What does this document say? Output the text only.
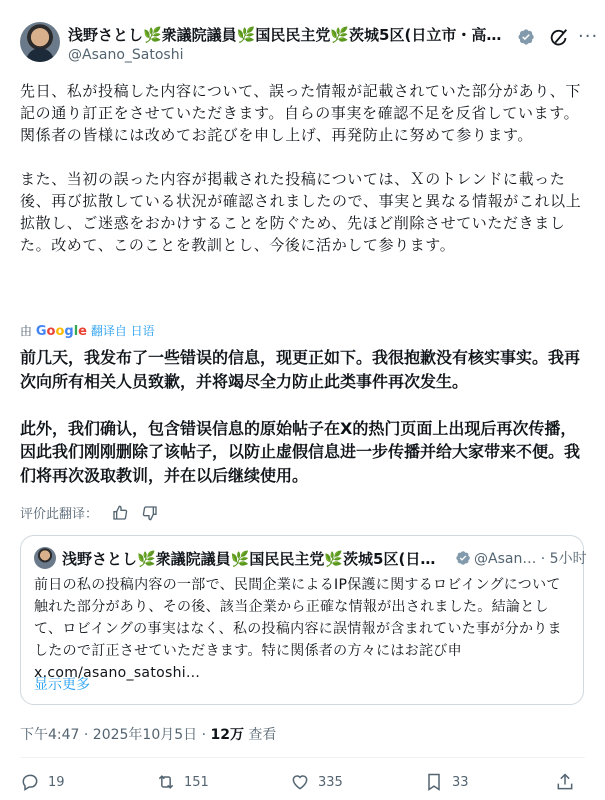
浅野さとし🌿衆議院議員🌿国民民主党🌿茨城5区(日立市・高…
@Asano_Satoshi
···
先日、私が投稿した内容について、誤った情報が記載されていた部分があり、下記の通り訂正をさせていただきます。自らの事実を確認不足を反省しています。関係者の皆様には改めてお詫びを申し上げ、再発防止に努めて参ります。

また、当初の誤った内容が掲載された投稿については、Ｘのトレンドに載った後、再び拡散している状況が確認されましたので、事実と異なる情報がこれ以上拡散し、ご迷惑をおかけすることを防ぐため、先ほど削除させていただきました。改めて、このことを教訓とし、今後に活かして参ります。
由 Google 翻译自 日语
前几天，我发布了一些错误的信息，现更正如下。我很抱歉没有核实事实。我再次向所有相关人员致歉，并将竭尽全力防止此类事件再次发生。

此外，我们确认，包含错误信息的原始帖子在X的热门页面上出现后再次传播，因此我们刚刚删除了该帖子，以防止虚假信息进一步传播并给大家带来不便。我们将再次汲取教训，并在以后继续使用。
评价此翻译：
浅野さとし🌿衆議院議員🌿国民民主党🌿茨城5区(日…	@Asan… · 5小时
前日の私の投稿内容の一部で、民間企業によるIP保護に関するロビイングについて触れた部分があり、その後、該当企業から正確な情報が出されました。結論として、ロビイングの事実はなく、私の投稿内容に誤情報が含まれていた事が分かりましたので訂正させていただきます。特に関係者の方々にはお詫び申
x.com/asano_satoshi…
显示更多
下午4:47 · 2025年10月5日 · 12万 查看
19	151	335	33
